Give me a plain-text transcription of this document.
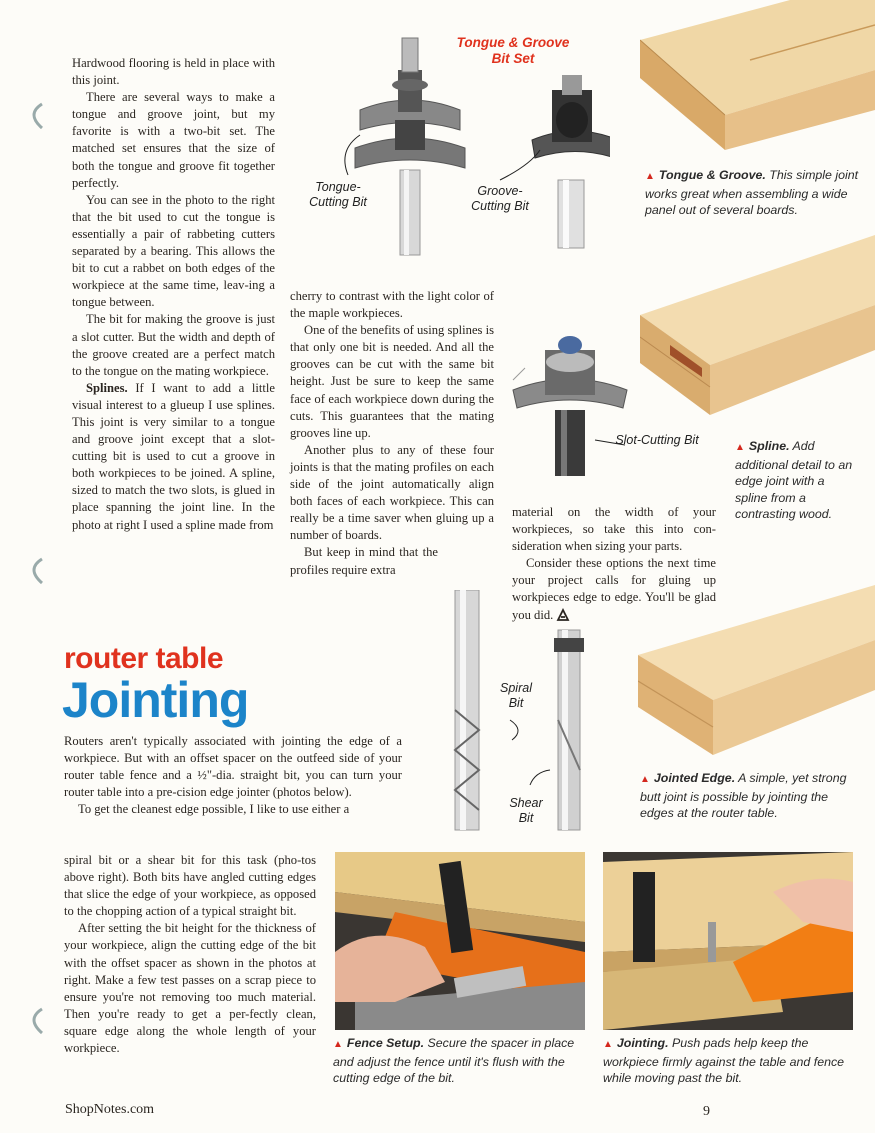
Hardwood flooring is held in place with this joint.

There are several ways to make a tongue and groove joint, but my favorite is with a two-bit set. The matched set ensures that the size of both the tongue and groove fit together perfectly.

You can see in the photo to the right that the bit used to cut the tongue is essentially a pair of rabbeting cutters separated by a bearing. This allows the bit to cut a rabbet on both edges of the workpiece at the same time, leav-ing a tongue between.

The bit for making the groove is just a slot cutter. But the width and depth of the groove created are a perfect match to the tongue on the mating workpiece.

Splines. If I want to add a little visual interest to a glueup I use splines. This joint is very similar to a tongue and groove joint except that a slot-cutting bit is used to cut a groove in both workpieces to be joined. A spline, sized to match the two slots, is glued in place spanning the joint line. In the photo at right I used a spline made from

cherry to contrast with the light color of the maple workpieces.

One of the benefits of using splines is that only one bit is needed. And all the grooves can be cut with the same bit height. Just be sure to keep the same face of each workpiece down during the cuts. This guarantees that the mating grooves line up.

Another plus to any of these four joints is that the mating profiles on each side of the joint automatically align both faces of each workpiece. This can really be a time saver when gluing up a number of boards.

But keep in mind that the profiles require extra

material on the width of your workpieces, so take this into con-sideration when sizing your parts.

Consider these options the next time your project calls for gluing up workpieces edge to edge. You'll be glad you did.

Tongue & Groove Bit Set
Tongue-Cutting Bit
Groove-Cutting Bit
▲ Tongue & Groove. This simple joint works great when assembling a wide panel out of several boards.
Slot-Cutting Bit
▲ Spline. Add additional detail to an edge joint with a spline from a contrasting wood.
router table
Jointing

Routers aren't typically associated with jointing the edge of a workpiece. But with an offset spacer on the outfeed side of your router table fence and a ½"-dia. straight bit, you can turn your router table into a pre-cision edge jointer (photos below).

To get the cleanest edge possible, I like to use either a

spiral bit or a shear bit for this task (pho-tos above right). Both bits have angled cutting edges that slice the edge of your workpiece, as opposed to the chopping action of a typical straight bit.

After setting the bit height for the thickness of your workpiece, align the cutting edge of the bit with the offset spacer as shown in the photos at right. Make a few test passes on a scrap piece to ensure you're not removing too much material. Then you're ready to get a per-fectly clean, square edge along the whole length of your workpiece.

Spiral Bit
Shear Bit
▲ Jointed Edge. A simple, yet strong butt joint is possible by jointing the edges at the router table.
▲ Fence Setup. Secure the spacer in place and adjust the fence until it's flush with the cutting edge of the bit.
▲ Jointing. Push pads help keep the workpiece firmly against the table and fence while moving past the bit.
ShopNotes.com	9
